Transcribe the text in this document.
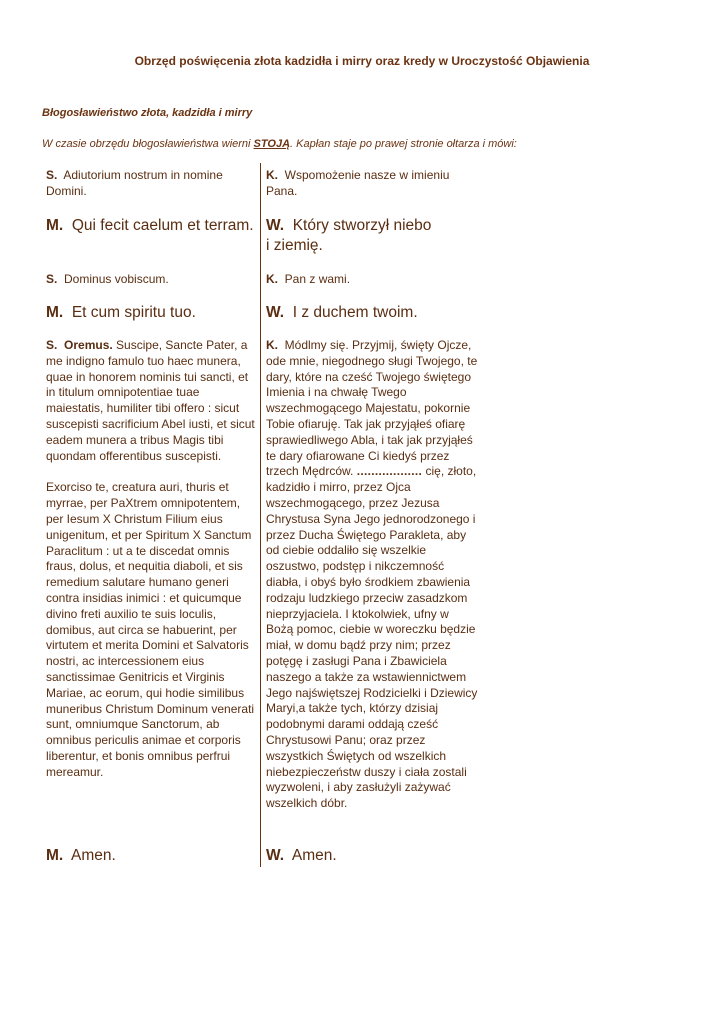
Obrzęd poświęcenia złota kadzidła i mirry oraz kredy w Uroczystość Objawienia
Błogosławieństwo złota, kadzidła i mirry
W czasie obrzędu błogosławieństwa wierni STOJĄ. Kapłan staje po prawej stronie ołtarza i mówi:
S. Adiutorium nostrum in nomine Domini.
K. Wspomożenie nasze w imieniu Pana.
M. Qui fecit caelum et terram. W. Który stworzył niebo i ziemię.
S. Dominus vobiscum.	K. Pan z wami.
M. Et cum spiritu tuo.	W. I z duchem twoim.

S. Oremus. Suscipe, Sancte Pater, a me indigno famulo tuo haec munera, quae in honorem nominis tui sancti, et in titulum omnipotentiae tuae maiestatis, humiliter tibi offero : sicut suscepisti sacrificium Abel iusti, et sicut eadem munera a tribus Magis tibi quondam offerentibus suscepisti.

Exorciso te, creatura auri, thuris et myrrae, per PaXtrem omnipotentem, per Iesum X Christum Filium eius unigenitum, et per Spiritum X Sanctum Paraclitum : ut a te discedat omnis fraus, dolus, et nequitia diaboli, et sis remedium salutare humano generi contra insidias inimici : et quicumque divino freti auxilio te suis loculis, domibus, aut circa se habuerint, per virtutem et merita Domini et Salvatoris nostri, ac intercessionem eius sanctissimae Genitricis et Virginis Mariae, ac eorum, qui hodie similibus muneribus Christum Dominum venerati sunt, omniumque Sanctorum, ab omnibus periculis animae et corporis liberentur, et bonis omnibus perfrui mereamur.

K. Módlmy się. Przyjmij, święty Ojcze, ode mnie, niegodnego sługi Twojego, te dary, które na cześć Twojego świętego Imienia i na chwałę Twego wszechmogącego Majestatu, pokornie Tobie ofiaruję. Tak jak przyjąłeś ofiarę sprawiedliwego Abla, i tak jak przyjąłeś te dary ofiarowane Ci kiedyś przez trzech Mędrców. .................. cię, złoto, kadzidło i mirro, przez Ojca wszechmogącego, przez Jezusa Chrystusa Syna Jego jednorodzonego i przez Ducha Świętego Parakleta, aby od ciebie oddaliło się wszelkie oszustwo, podstęp i nikczemność diabła, i obyś było środkiem zbawienia rodzaju ludzkiego przeciw zasadzkom nieprzyjaciela. I ktokolwiek, ufny w Bożą pomoc, ciebie w woreczku będzie miał, w domu bądź przy nim; przez potęgę i zasługi Pana i Zbawiciela naszego a także za wstawiennictwem Jego najświętszej Rodzicielki i Dziewicy Maryi,a także tych, którzy dzisiaj podobnymi darami oddają cześć Chrystusowi Panu; oraz przez wszystkich Świętych od wszelkich niebezpieczeństw duszy i ciała zostali wyzwoleni, i aby zasłużyli zażywać wszelkich dóbr.
M. Amen.	W. Amen.
